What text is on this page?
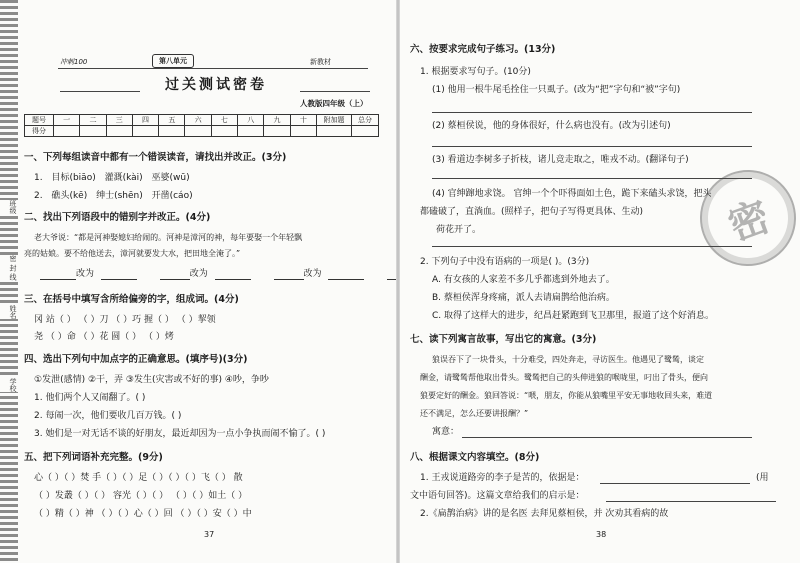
班级
密 封 线
姓名
学校
冲刺100	第八单元	新教材
过关测试密卷
人教版四年级（上）
题号	一	二	三	四	五	六	七	八	九	十	附加题	总分
得分												
一、下列每组读音中都有一个错误读音，请找出并改正。(3分)
1. 目标(biāo) 灌溉(kài) 巫婆(wū)
2. 礁头(kē) 绅士(shēn) 开凿(cáo)
二、找出下列语段中的错别字并改正。(4分)
老大爷说：“都是河神娶媳妇给闹的。河神是漳河的神，每年要娶一个年轻飘
亮的姑娘。要不给他送去，漳河就要发大水，把田地全淹了。”
改为	改为	改为
三、在括号中填写含所给偏旁的字，组成词。(4分)
冈 站（ ） （ ）刀 （ ）巧 握（ ） （ ）挈领
尧 （ ）命 （ ）花 圆（ ） （ ）烤
四、选出下列句中加点字的正确意思。(填序号)(3分)
①发泄(感情) ②干，弄 ③发生(灾害或不好的事) ④吵，争吵
1. 他们两个人又闹翻了。( )
2. 每闹一次，他们要收几百万钱。( )
3. 她们是一对无话不谈的好朋友，最近却因为一点小争执而闹不愉了。( )
五、把下列词语补充完整。(9分)
心（ ）（ ）焚 手（ ）（ ）足（ ）（ ）（ ）飞（ ） 散
（ ）发叢（ ）（ ） 容光（ ）（ ） （ ）（ ）如土（ ）
（ ）精（ ）神 （ ）（ ）心（ ）回 （ ）（ ）安（ ）中
37
密
六、按要求完成句子练习。(13分)
1. 根据要求写句子。(10分)
(1) 他用一根牛尾毛拴住一只虱子。(改为“把”字句和“被”字句)
(2) 蔡桓侯说，他的身体很好，什么病也没有。(改为引述句)
(3) 看道边李树多子折枝，诸儿竞走取之，唯戎不动。(翻译句子)
(4) 官绅蹿地求饶。 官绅一个个吓得面如土色，跪下来磕头求饶，把头
都磕破了，直淌血。(照样子，把句子写得更具体、生动)
荷花开了。
2. 下列句子中没有语病的一项是( )。(3分)
A. 有女孩的人家差不多几乎都逃到外地去了。
B. 蔡桓侯浑身疼痛，派人去请扁鹊给他治病。
C. 取得了这样大的进步，纪昌赶紧跑到飞卫那里，报道了这个好消息。
七、读下列寓言故事，写出它的寓意。(3分)
狼误吞下了一块骨头，十分难受，四处奔走，寻访医生。他遇见了鹭鸶，谈定
酬金，请鹭鸶帮他取出骨头。鹭鸶把自己的头伸进狼的喉咙里，叼出了骨头，便向
狼要定好的酬金。狼回答说：“喂，朋友，你能从狼嘴里平安无事地收回头来，难道
还不满足，怎么还要讲报酬？”
寓意：
八、根据课文内容填空。(8分)
1. 王戎说道路旁的李子是苦的，依据是：	(用
文中语句回答)。这篇文章给我们的启示是：
2.《扁鹊治病》讲的是名医 去拜见蔡桓侯，并 次劝其看病的故
38
